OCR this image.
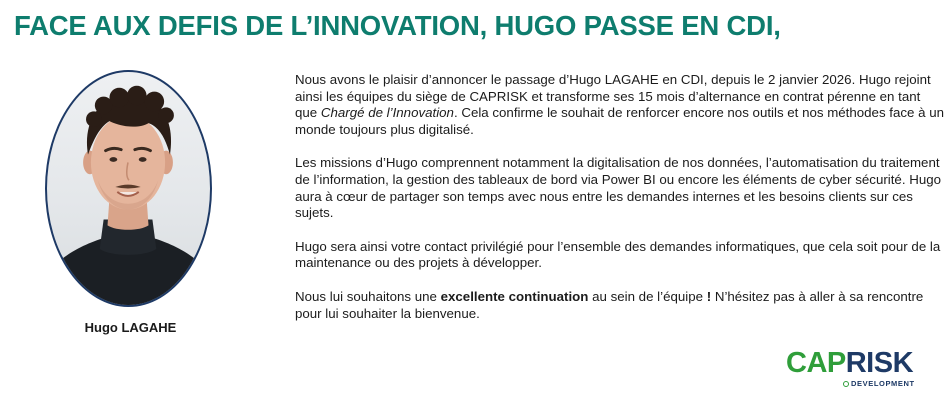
FACE AUX DEFIS DE L’INNOVATION, HUGO PASSE EN CDI,
Hugo LAGAHE

Nous avons le plaisir d’annoncer le passage d’Hugo LAGAHE en CDI, depuis le 2 janvier 2026. Hugo rejoint ainsi les équipes du siège de CAPRISK et transforme ses 15 mois d’alternance en contrat pérenne en tant que Chargé de l’Innovation. Cela confirme le souhait de renforcer encore nos outils et nos méthodes face à un monde toujours plus digitalisé.

Les missions d’Hugo comprennent notamment la digitalisation de nos données, l’automatisation du traitement de l’information, la gestion des tableaux de bord via Power BI ou encore les éléments de cyber sécurité. Hugo aura à cœur de partager son temps avec nous entre les demandes internes et les besoins clients sur ces sujets.

Hugo sera ainsi votre contact privilégié pour l’ensemble des demandes informatiques, que cela soit pour de la maintenance ou des projets à développer.

Nous lui souhaitons une excellente continuation au sein de l’équipe ! N’hésitez pas à aller à sa rencontre pour lui souhaiter la bienvenue.

CAPRISK
DEVELOPMENT
